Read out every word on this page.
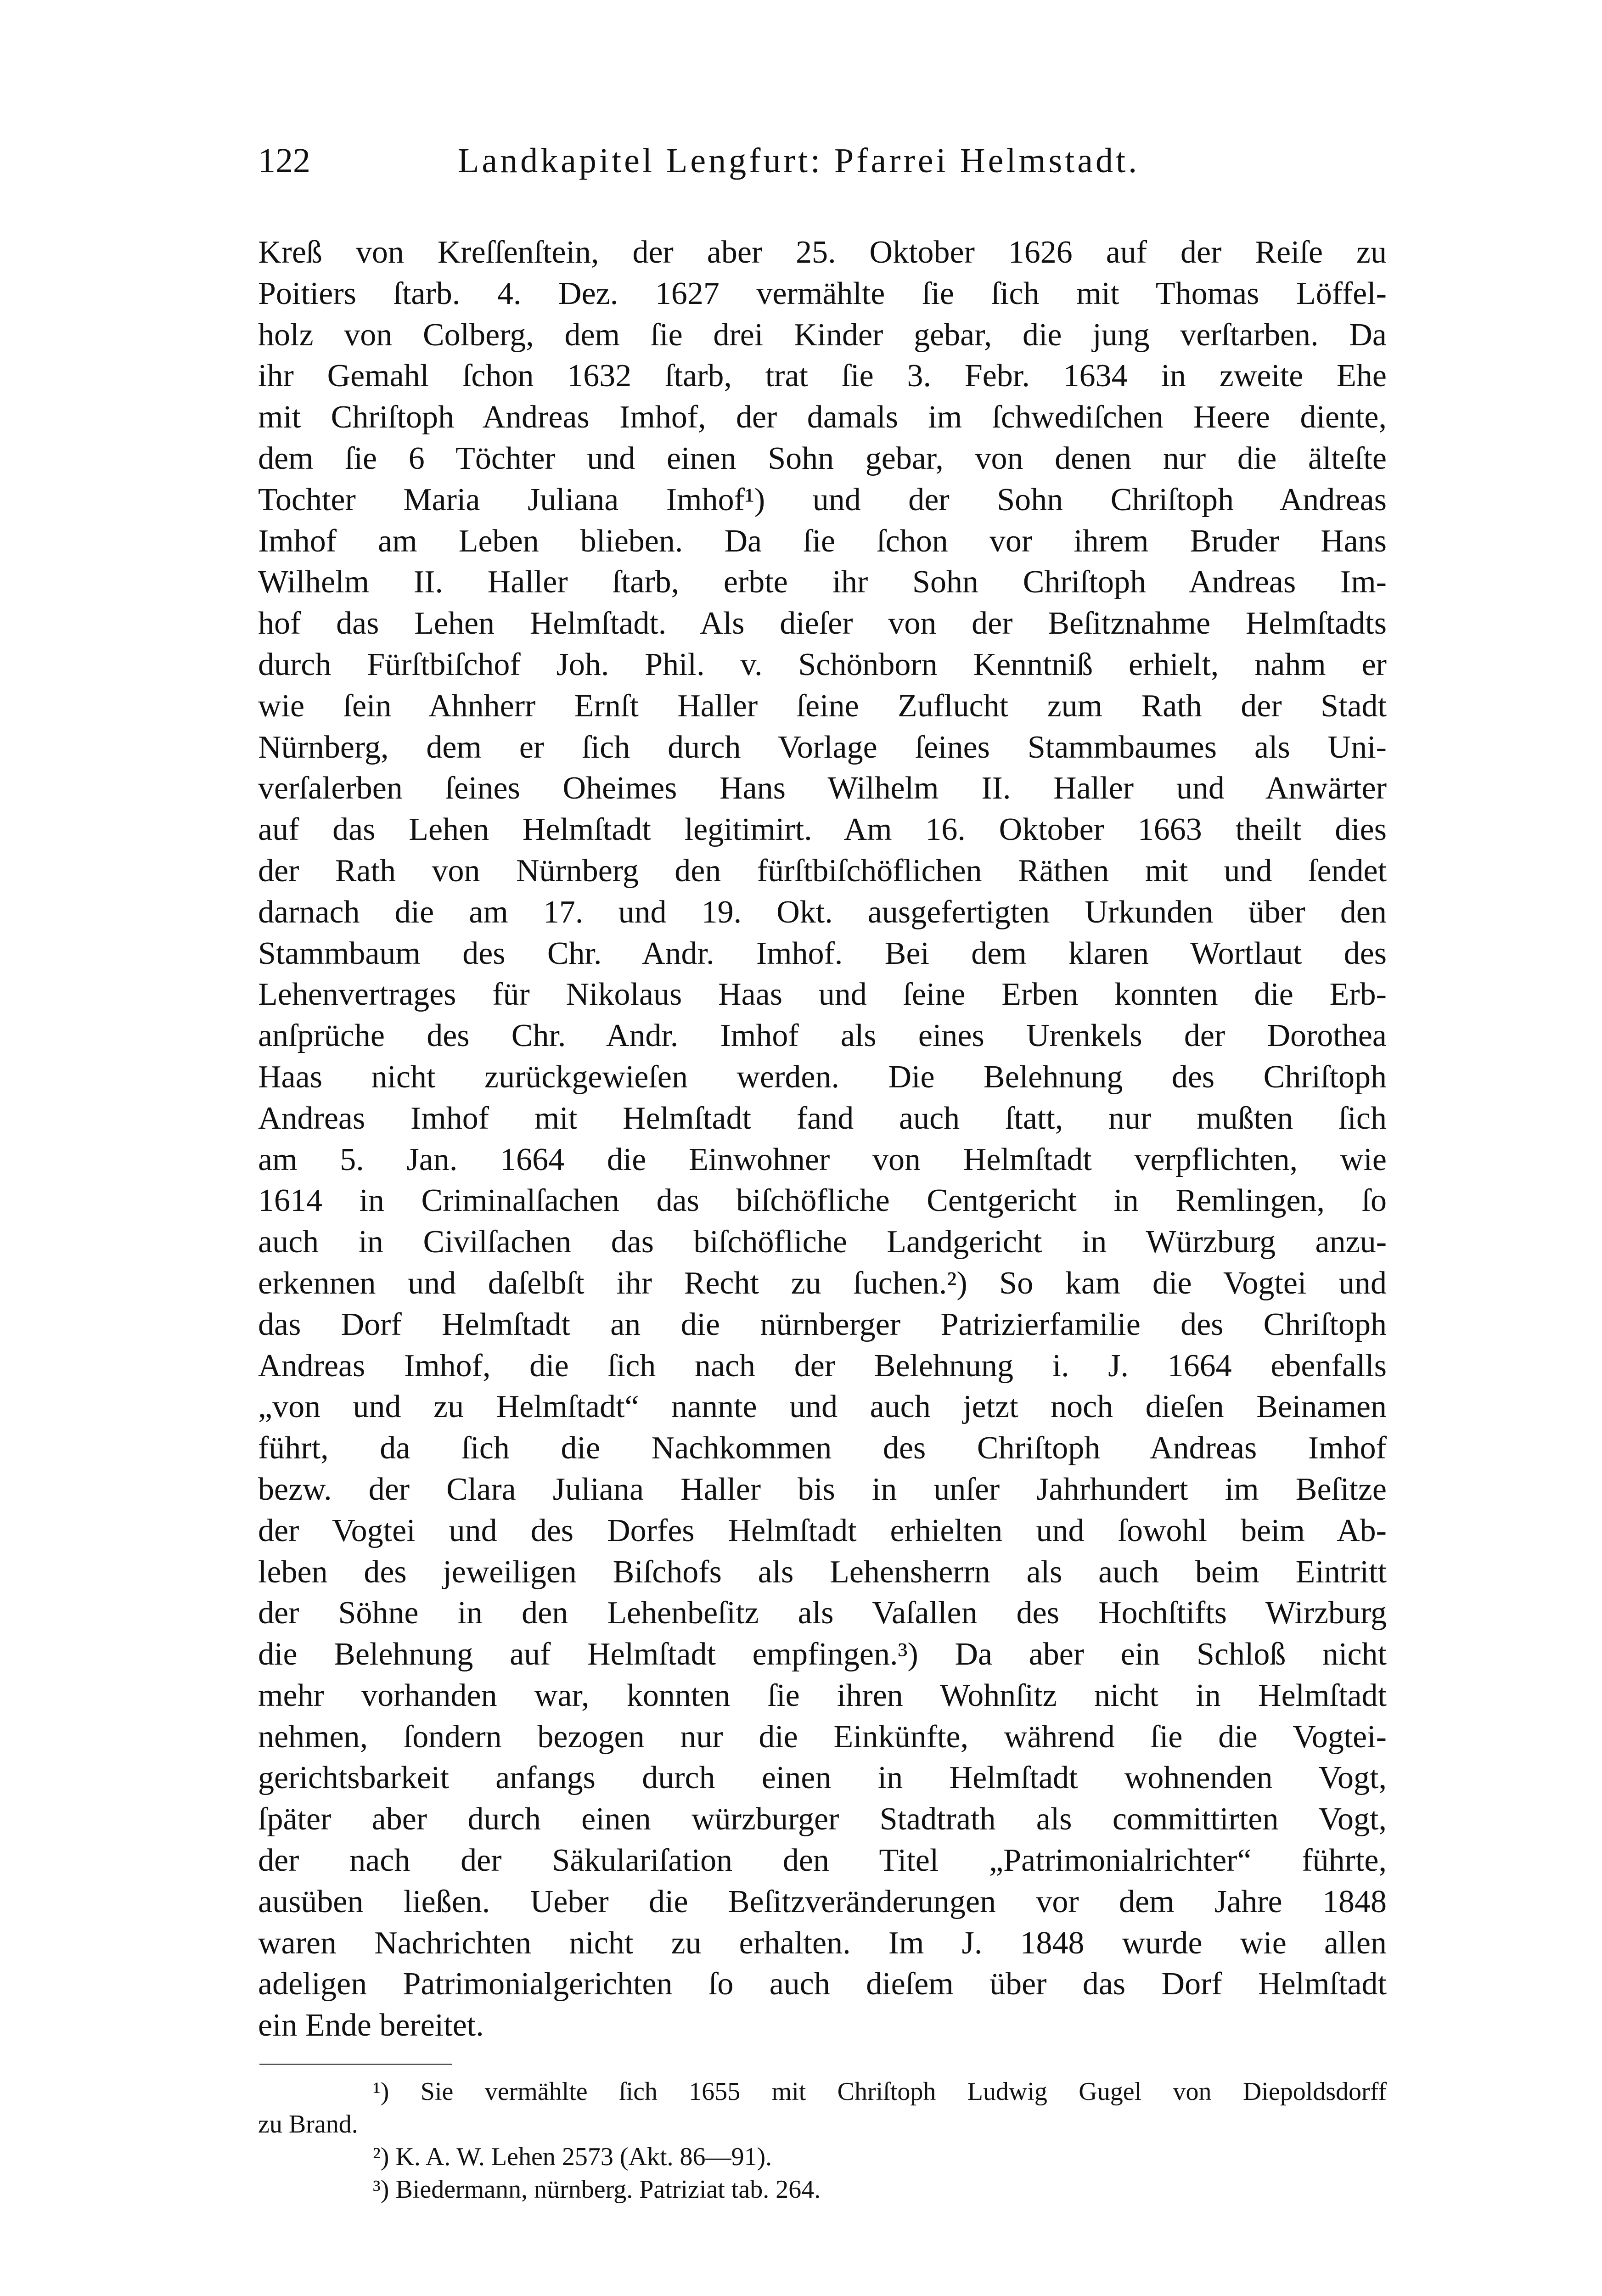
122	Landkapitel Lengfurt: Pfarrei Helmstadt.
Kreß von Kreſſenſtein, der aber 25. Oktober 1626 auf der Reiſe zu
Poitiers ſtarb. 4. Dez. 1627 vermählte ſie ſich mit Thomas Löffel-
holz von Colberg, dem ſie drei Kinder gebar, die jung verſtarben. Da
ihr Gemahl ſchon 1632 ſtarb, trat ſie 3. Febr. 1634 in zweite Ehe
mit Chriſtoph Andreas Imhof, der damals im ſchwediſchen Heere diente,
dem ſie 6 Töchter und einen Sohn gebar, von denen nur die älteſte
Tochter Maria Juliana Imhof¹) und der Sohn Chriſtoph Andreas
Imhof am Leben blieben. Da ſie ſchon vor ihrem Bruder Hans
Wilhelm II. Haller ſtarb, erbte ihr Sohn Chriſtoph Andreas Im-
hof das Lehen Helmſtadt. Als dieſer von der Beſitznahme Helmſtadts
durch Fürſtbiſchof Joh. Phil. v. Schönborn Kenntniß erhielt, nahm er
wie ſein Ahnherr Ernſt Haller ſeine Zuflucht zum Rath der Stadt
Nürnberg, dem er ſich durch Vorlage ſeines Stammbaumes als Uni-
verſalerben ſeines Oheimes Hans Wilhelm II. Haller und Anwärter
auf das Lehen Helmſtadt legitimirt. Am 16. Oktober 1663 theilt dies
der Rath von Nürnberg den fürſtbiſchöflichen Räthen mit und ſendet
darnach die am 17. und 19. Okt. ausgefertigten Urkunden über den
Stammbaum des Chr. Andr. Imhof. Bei dem klaren Wortlaut des
Lehenvertrages für Nikolaus Haas und ſeine Erben konnten die Erb-
anſprüche des Chr. Andr. Imhof als eines Urenkels der Dorothea
Haas nicht zurückgewieſen werden. Die Belehnung des Chriſtoph
Andreas Imhof mit Helmſtadt fand auch ſtatt, nur mußten ſich
am 5. Jan. 1664 die Einwohner von Helmſtadt verpflichten, wie
1614 in Criminalſachen das biſchöfliche Centgericht in Remlingen, ſo
auch in Civilſachen das biſchöfliche Landgericht in Würzburg anzu-
erkennen und daſelbſt ihr Recht zu ſuchen.²) So kam die Vogtei und
das Dorf Helmſtadt an die nürnberger Patrizierfamilie des Chriſtoph
Andreas Imhof, die ſich nach der Belehnung i. J. 1664 ebenfalls
„von und zu Helmſtadt“ nannte und auch jetzt noch dieſen Beinamen
führt, da ſich die Nachkommen des Chriſtoph Andreas Imhof
bezw. der Clara Juliana Haller bis in unſer Jahrhundert im Beſitze
der Vogtei und des Dorfes Helmſtadt erhielten und ſowohl beim Ab-
leben des jeweiligen Biſchofs als Lehensherrn als auch beim Eintritt
der Söhne in den Lehenbeſitz als Vaſallen des Hochſtifts Wirzburg
die Belehnung auf Helmſtadt empfingen.³) Da aber ein Schloß nicht
mehr vorhanden war, konnten ſie ihren Wohnſitz nicht in Helmſtadt
nehmen, ſondern bezogen nur die Einkünfte, während ſie die Vogtei-
gerichtsbarkeit anfangs durch einen in Helmſtadt wohnenden Vogt,
ſpäter aber durch einen würzburger Stadtrath als committirten Vogt,
der nach der Säkulariſation den Titel „Patrimonialrichter“ führte,
ausüben ließen. Ueber die Beſitzveränderungen vor dem Jahre 1848
waren Nachrichten nicht zu erhalten. Im J. 1848 wurde wie allen
adeligen Patrimonialgerichten ſo auch dieſem über das Dorf Helmſtadt
ein Ende bereitet.
¹) Sie vermählte ſich 1655 mit Chriſtoph Ludwig Gugel von Diepoldsdorff
zu Brand.
²) K. A. W. Lehen 2573 (Akt. 86—91).
³) Biedermann, nürnberg. Patriziat tab. 264.
